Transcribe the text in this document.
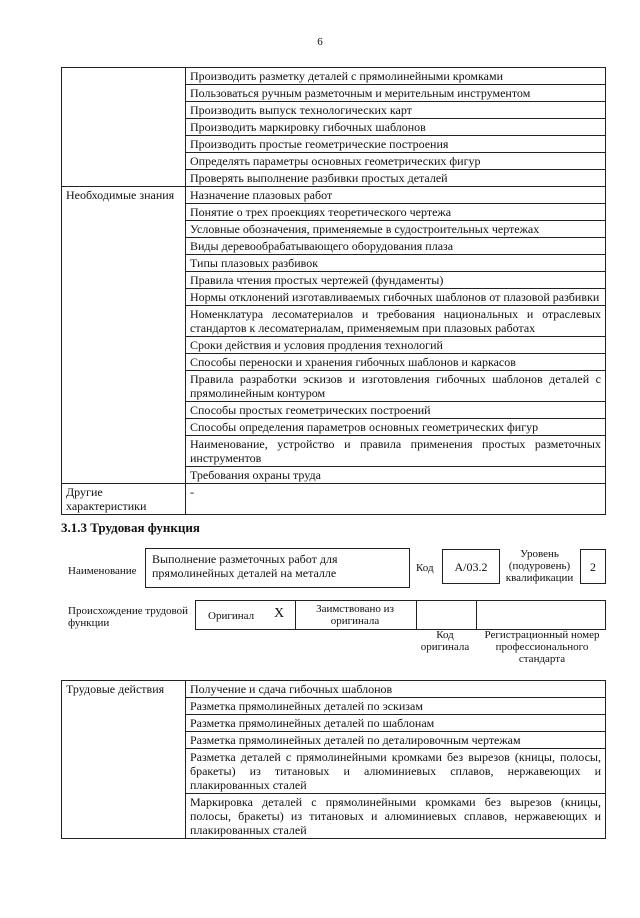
6
	Производить разметку деталей с прямолинейными кромками
	Пользоваться ручным разметочным и мерительным инструментом
	Производить выпуск технологических карт
	Производить маркировку гибочных шаблонов
	Производить простые геометрические построения
	Определять параметры основных геометрических фигур
	Проверять выполнение разбивки простых деталей
Необходимые знания	Назначение плазовых работ
	Понятие о трех проекциях теоретического чертежа
	Условные обозначения, применяемые в судостроительных чертежах
	Виды деревообрабатывающего оборудования плаза
	Типы плазовых разбивок
	Правила чтения простых чертежей (фундаменты)
	Нормы отклонений изготавливаемых гибочных шаблонов от плазовой разбивки
	Номенклатура лесоматериалов и требования национальных и отраслевых стандартов к лесоматериалам, применяемым при плазовых работах
	Сроки действия и условия продления технологий
	Способы переноски и хранения гибочных шаблонов и каркасов
	Правила разработки эскизов и изготовления гибочных шаблонов деталей с прямолинейным контуром
	Способы простых геометрических построений
	Способы определения параметров основных геометрических фигур
	Наименование, устройство и правила применения простых разметочных инструментов
	Требования охраны труда
Другие характеристики	-
3.1.3 Трудовая функция
Наименование
Выполнение разметочных работ для прямолинейных деталей на металле	Код	A/03.2
Уровень (подуровень) квалификации
2
Происхождение трудовой функции
Оригинал X	Заимствовано из оригинала
Код оригинала
Регистрационный номер профессионального стандарта
Трудовые действия	Получение и сдача гибочных шаблонов
Разметка прямолинейных деталей по эскизам
Разметка прямолинейных деталей по шаблонам
Разметка прямолинейных деталей по деталировочным чертежам
Разметка деталей с прямолинейными кромками без вырезов (кницы, полосы, бракеты) из титановых и алюминиевых сплавов, нержавеющих и плакированных сталей
Маркировка деталей с прямолинейными кромками без вырезов (кницы, полосы, бракеты) из титановых и алюминиевых сплавов, нержавеющих и плакированных сталей
